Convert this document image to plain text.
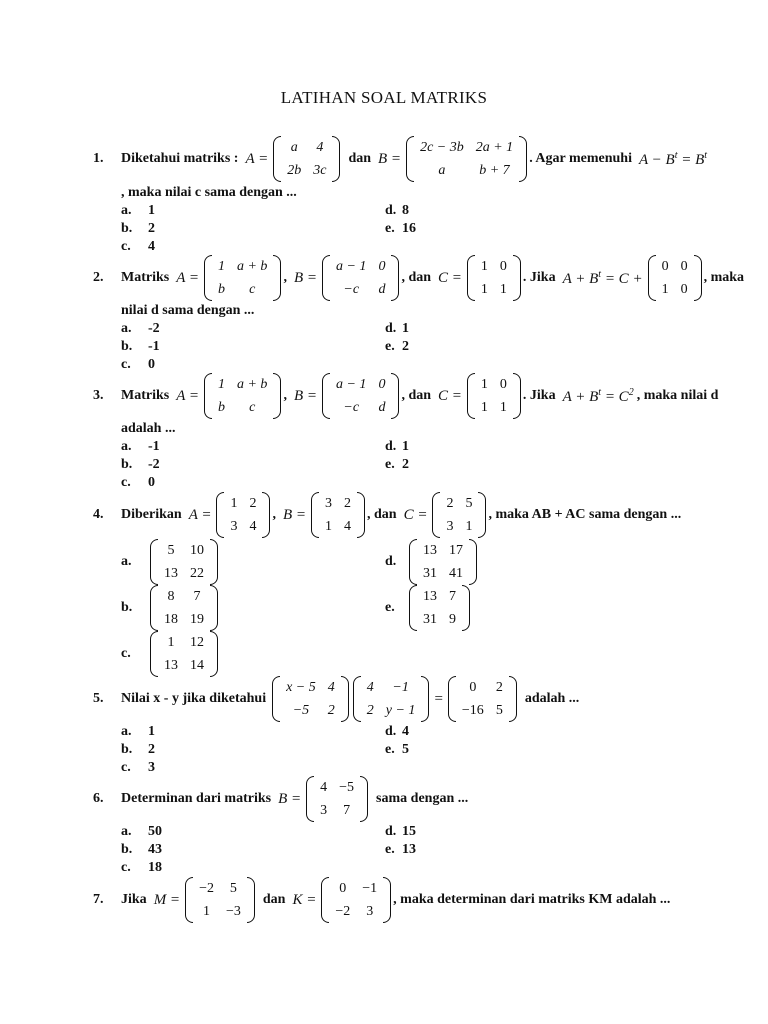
LATIHAN SOAL MATRIKS
1. Diketahui matriks : A =
a	4
2b	3c
dan B =
2c − 3b	2a + 1
a	b + 7
. Agar memenuhi $A - B^t = B^t$
, maka nilai c sama dengan ...
a. 1
b. 2
c. 4
d. 8
e. 16
2. Matriks A =
1	a + b
b	c
, B =
a − 1	0
−c	d
, dan C =
1	0
1	1
. Jika $A + B^t = C$ +
0	0
1	0
, maka
nilai d sama dengan ...
a. -2
b. -1
c. 0
d. 1
e. 2
3. Matriks A =
1	a + b
b	c
, B =
a − 1	0
−c	d
, dan C =
1	0
1	1
. Jika $A + B^t = C^2$ , maka nilai d
adalah ...
a. -1
b. -2
c. 0
d. 1
e. 2
4. Diberikan A =
1	2
3	4
, B =
3	2
1	4
, dan C =
2	5
3	1
, maka AB + AC sama dengan ...
a.
5	10
13	22
b.
8	7
18	19
c.
1	12
13	14
d.
13	17
31	41
e.
13	7
31	9
5. Nilai x - y jika diketahui
x − 5	4
−5	2
4	−1
2	y − 1
=
0	2
−16	5
adalah ...
a. 1
b. 2
c. 3
d. 4
e. 5
6. Determinan dari matriks B =
4	−5
3	7
sama dengan ...
a. 50
b. 43
c. 18
d. 15
e. 13
7. Jika M =
−2	5
1	−3
dan K =
0	−1
−2	3
, maka determinan dari matriks KM adalah ...
